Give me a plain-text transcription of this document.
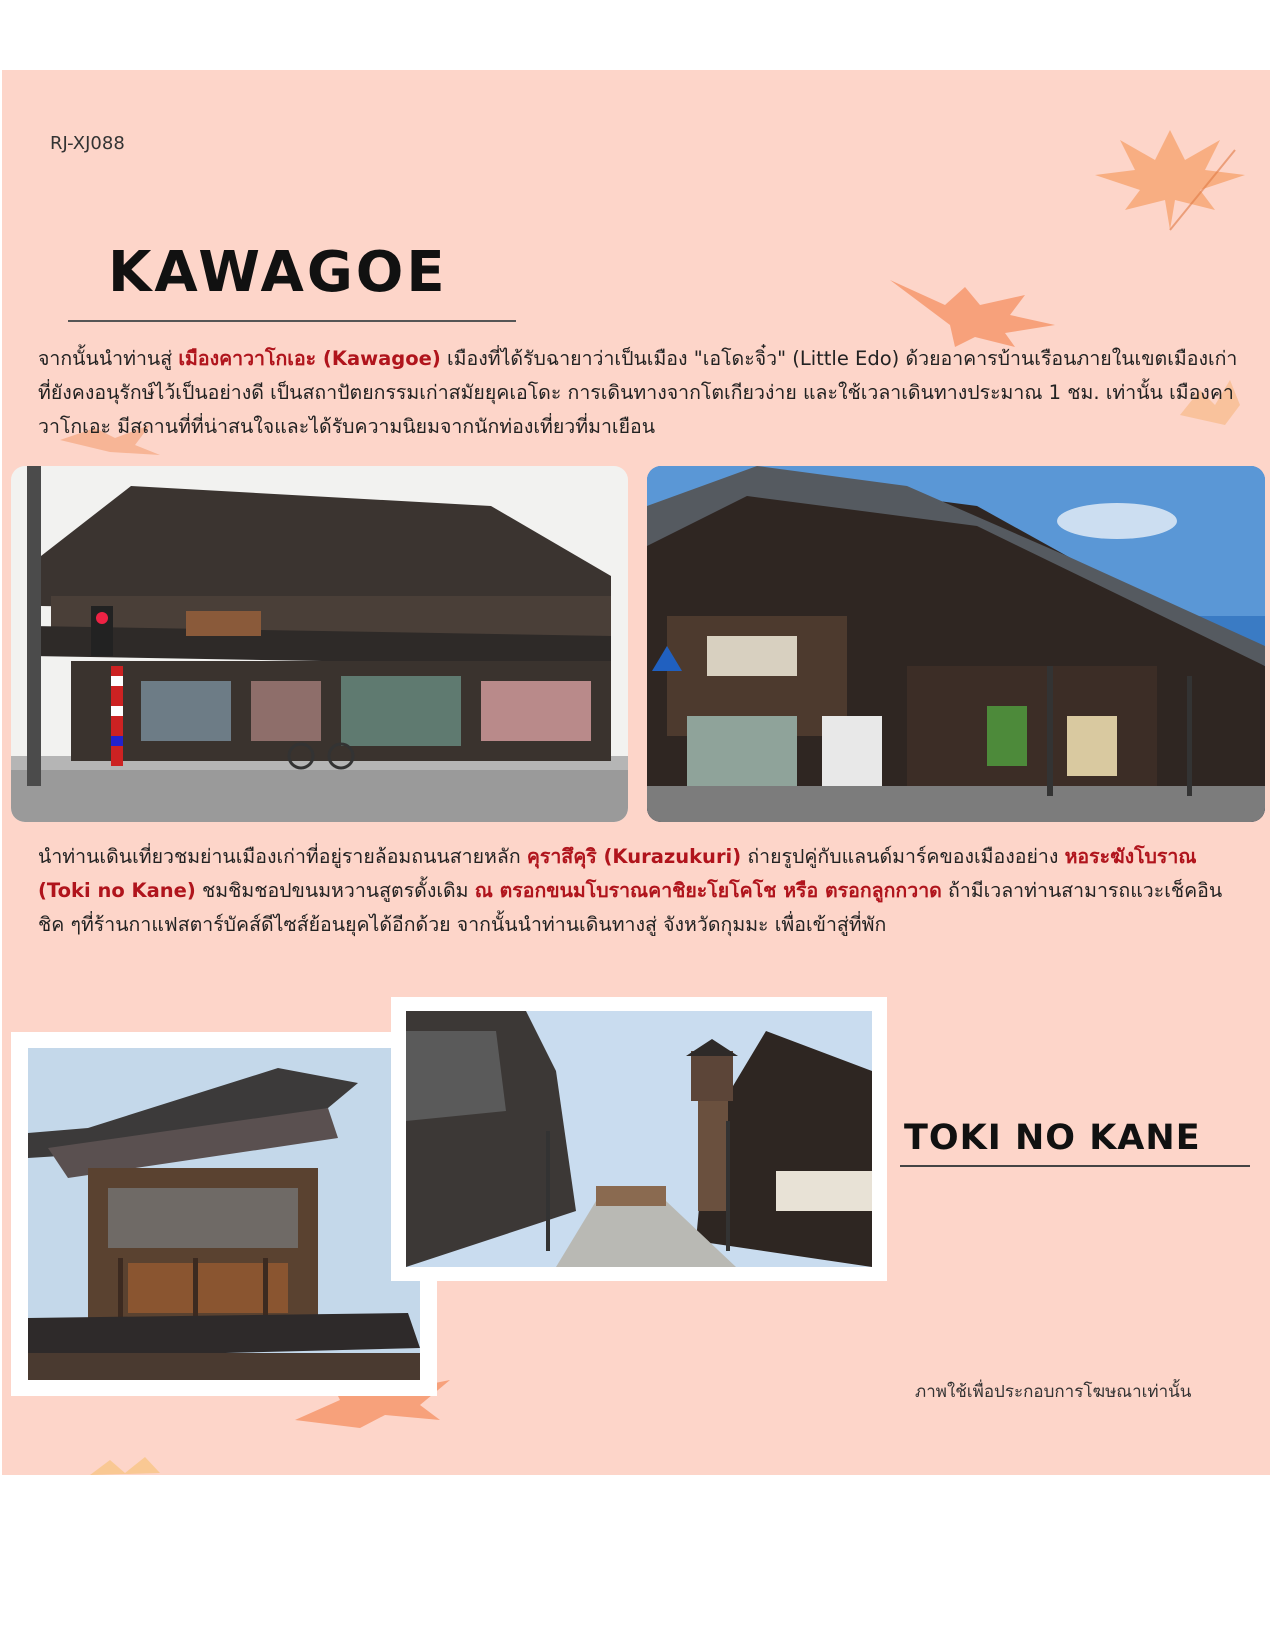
RJ-XJ088
KAWAGOE
จากนั้นนำท่านสู่ เมืองคาวาโกเอะ (Kawagoe) เมืองที่ได้รับฉายาว่าเป็นเมือง "เอโดะจิ๋ว" (Little Edo) ด้วยอาคารบ้านเรือนภายในเขตเมืองเก่าที่ยังคงอนุรักษ์ไว้เป็นอย่างดี เป็นสถาปัตยกรรมเก่าสมัยยุคเอโดะ การเดินทางจากโตเกียวง่าย และใช้เวลาเดินทางประมาณ 1 ชม. เท่านั้น เมืองคาวาโกเอะ มีสถานที่ที่น่าสนใจและได้รับความนิยมจากนักท่องเที่ยวที่มาเยือน
นำท่านเดินเที่ยวชมย่านเมืองเก่าที่อยู่รายล้อมถนนสายหลัก คุราสึคุริ (Kurazukuri) ถ่ายรูปคู่กับแลนด์มาร์คของเมืองอย่าง หอระฆังโบราณ (Toki no Kane) ชมชิมชอปขนมหวานสูตรดั้งเดิม ณ ตรอกขนมโบราณคาชิยะโยโคโช หรือ ตรอกลูกกวาด ถ้ามีเวลาท่านสามารถแวะเช็คอินชิค ๆที่ร้านกาแฟสตาร์บัคส์ดีไซส์ย้อนยุคได้อีกด้วย จากนั้นนำท่านเดินทางสู่ จังหวัดกุมมะ เพื่อเข้าสู่ที่พัก
TOKI NO KANE
ภาพใช้เพื่อประกอบการโฆษณาเท่านั้น
